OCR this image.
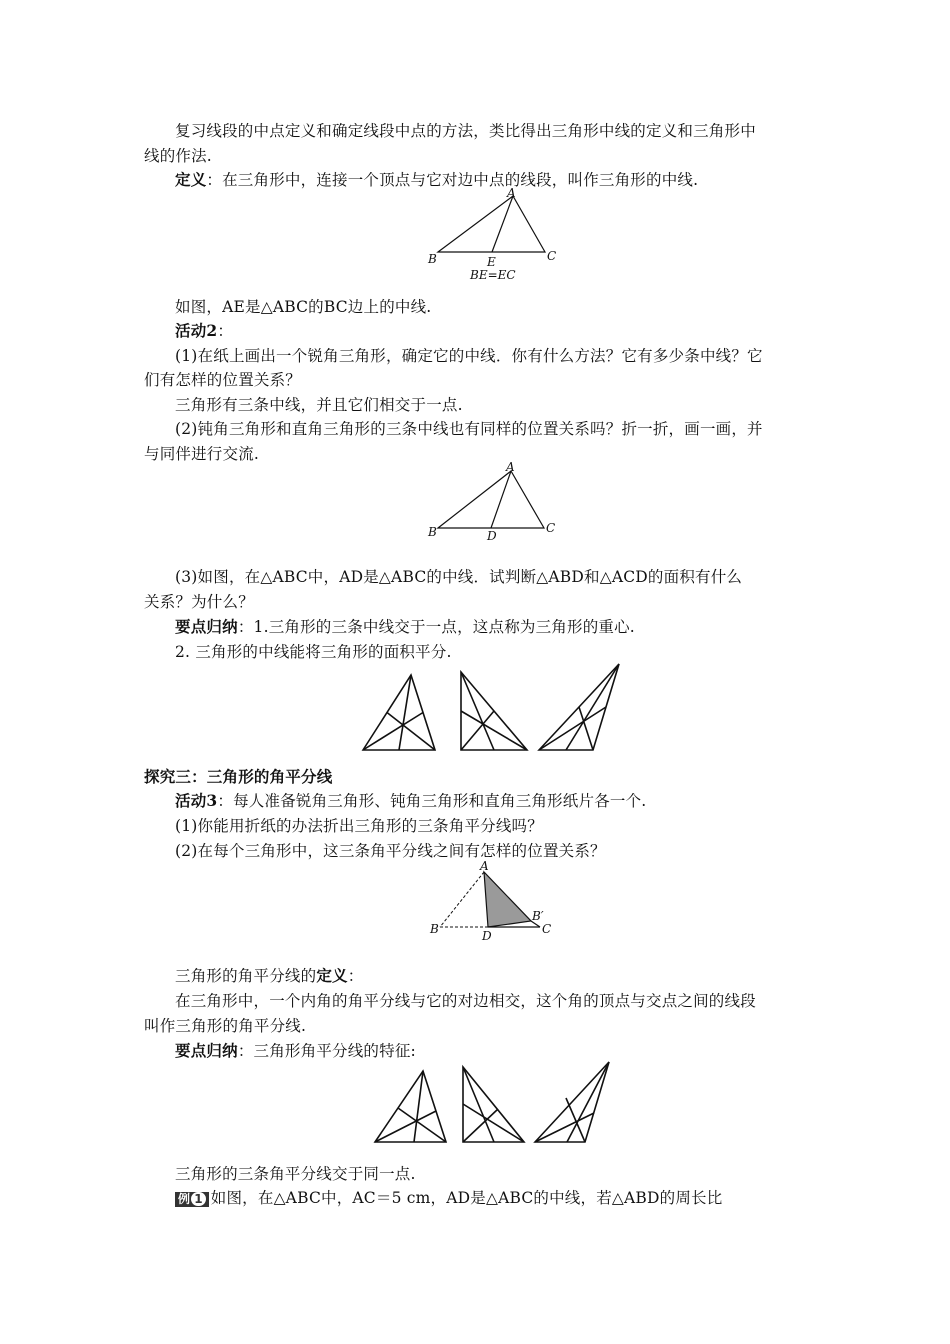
复习线段的中点定义和确定线段中点的方法，类比得出三角形中线的定义和三角形中
线的作法.
定义：在三角形中，连接一个顶点与它对边中点的线段，叫作三角形的中线.
A
B	C
E
BE=EC
如图，AE是△ABC的BC边上的中线.
活动2：
(1)在纸上画出一个锐角三角形，确定它的中线．你有什么方法？它有多少条中线？它
们有怎样的位置关系？
三角形有三条中线，并且它们相交于一点.
(2)钝角三角形和直角三角形的三条中线也有同样的位置关系吗？折一折，画一画，并
与同伴进行交流.
A
B	C
D
(3)如图，在△ABC中，AD是△ABC的中线．试判断△ABD和△ACD的面积有什么
关系？为什么？
要点归纳：1.三角形的三条中线交于一点，这点称为三角形的重心.
2. 三角形的中线能将三角形的面积平分.
探究三：三角形的角平分线
活动3：每人准备锐角三角形、钝角三角形和直角三角形纸片各一个.
(1)你能用折纸的办法折出三角形的三条角平分线吗？
(2)在每个三角形中，这三条角平分线之间有怎样的位置关系？
A
B	D
B′
C
三角形的角平分线的定义：
在三角形中，一个内角的角平分线与它的对边相交，这个角的顶点与交点之间的线段
叫作三角形的角平分线.
要点归纳：三角形角平分线的特征:
三角形的三条角平分线交于同一点.
例 1 如图，在△ABC中，AC＝5 cm，AD是△ABC的中线，若△ABD的周长比
